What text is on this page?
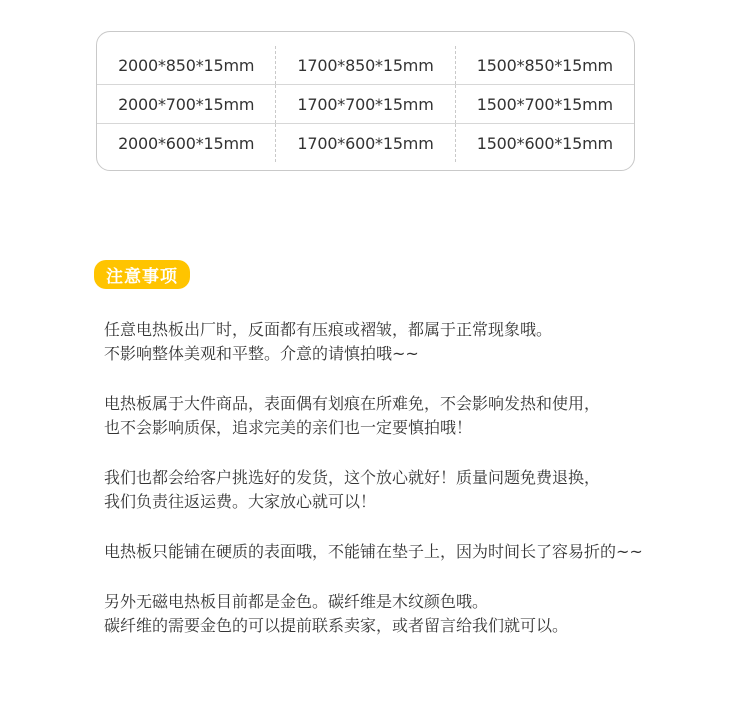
2000*850*15mm	1700*850*15mm	1500*850*15mm
2000*700*15mm	1700*700*15mm	1500*700*15mm
2000*600*15mm	1700*600*15mm	1500*600*15mm
注意事项
任意电热板出厂时，反面都有压痕或褶皱，都属于正常现象哦。
不影响整体美观和平整。介意的请慎拍哦~~
电热板属于大件商品，表面偶有划痕在所难免，不会影响发热和使用，
也不会影响质保，追求完美的亲们也一定要慎拍哦！
我们也都会给客户挑选好的发货，这个放心就好！质量问题免费退换，
我们负责往返运费。大家放心就可以！
电热板只能铺在硬质的表面哦，不能铺在垫子上，因为时间长了容易折的~~
另外无磁电热板目前都是金色。碳纤维是木纹颜色哦。
碳纤维的需要金色的可以提前联系卖家，或者留言给我们就可以。
